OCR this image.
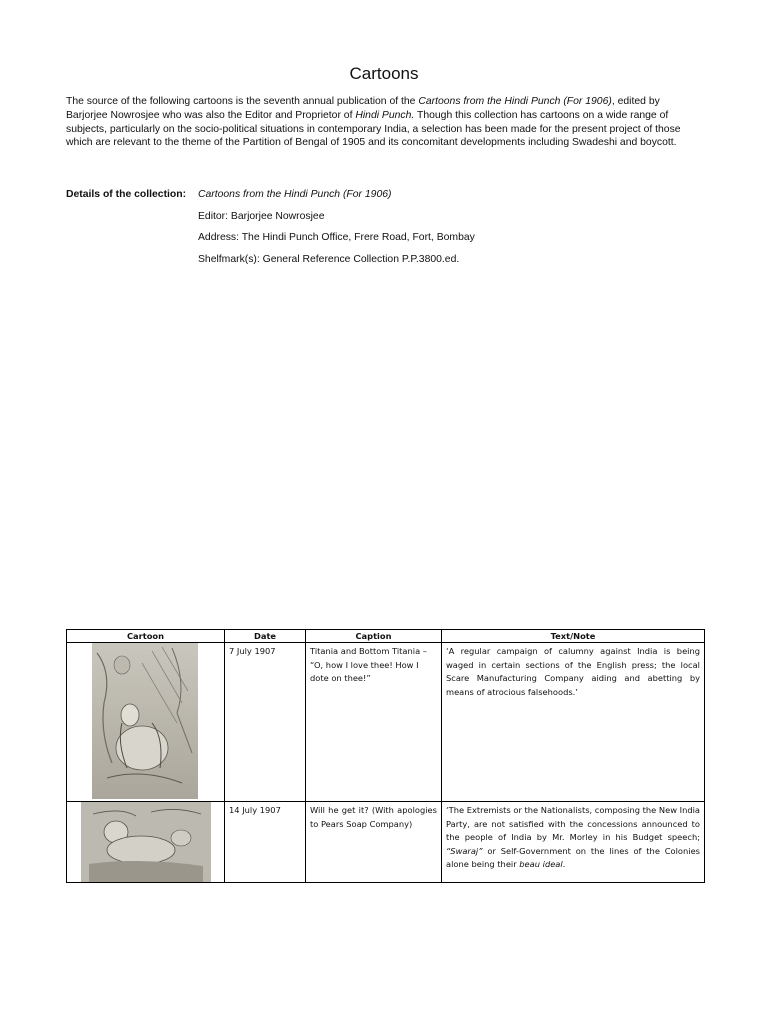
Cartoons
The source of the following cartoons is the seventh annual publication of the Cartoons from the Hindi Punch (For 1906), edited by Barjorjee Nowrosjee who was also the Editor and Proprietor of Hindi Punch. Though this collection has cartoons on a wide range of subjects, particularly on the socio-political situations in contemporary India, a selection has been made for the present project of those which are relevant to the theme of the Partition of Bengal of 1905 and its concomitant developments including Swadeshi and boycott.
Details of the collection:	Cartoons from the Hindi Punch (For 1906)
Editor: Barjorjee Nowrosjee
Address: The Hindi Punch Office, Frere Road, Fort, Bombay
Shelfmark(s): General Reference Collection P.P.3800.ed.
Cartoon	Date	Caption	Text/Note

	7 July 1907	Titania and Bottom Titania – “O, how I love thee! How I dote on thee!”	‘A regular campaign of calumny against India is being waged in certain sections of the English press; the local Scare Manufacturing Company aiding and abetting by means of atrocious falsehoods.’

	14 July 1907	Will he get it? (With apologies to Pears Soap Company)	‘The Extremists or the Nationalists, composing the New India Party, are not satisfied with the concessions announced to the people of India by Mr. Morley in his Budget speech; “Swaraj” or Self-Government on the lines of the Colonies alone being their beau ideal.
